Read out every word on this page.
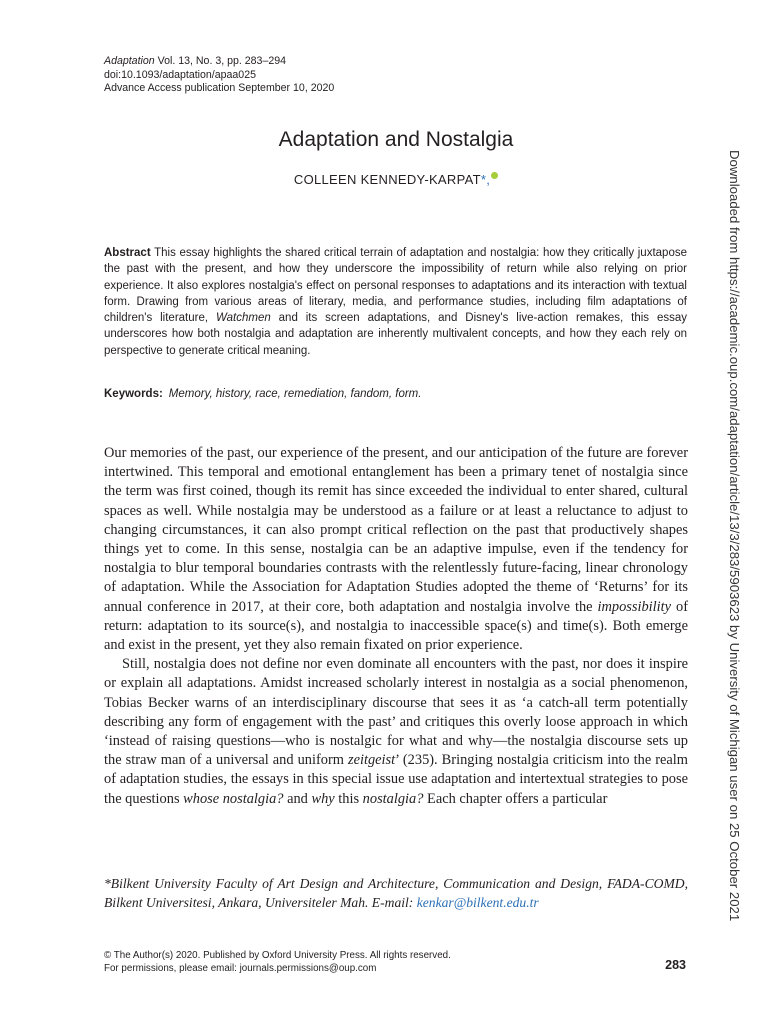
Adaptation Vol. 13, No. 3, pp. 283–294
doi:10.1093/adaptation/apaa025
Advance Access publication September 10, 2020
Adaptation and Nostalgia
COLLEEN KENNEDY-KARPAT*,
Abstract This essay highlights the shared critical terrain of adaptation and nostalgia: how they critically juxtapose the past with the present, and how they underscore the impossibility of return while also relying on prior experience. It also explores nostalgia's effect on personal responses to adaptations and its interaction with textual form. Drawing from various areas of literary, media, and performance studies, including film adaptations of children's literature, Watchmen and its screen adaptations, and Disney's live-action remakes, this essay underscores how both nostalgia and adaptation are inherently multivalent concepts, and how they each rely on perspective to generate critical meaning.
Keywords: Memory, history, race, remediation, fandom, form.

Our memories of the past, our experience of the present, and our anticipation of the future are forever intertwined. This temporal and emotional entanglement has been a primary tenet of nostalgia since the term was first coined, though its remit has since exceeded the individual to enter shared, cultural spaces as well. While nostalgia may be understood as a failure or at least a reluctance to adjust to changing circumstances, it can also prompt critical reflection on the past that productively shapes things yet to come. In this sense, nostalgia can be an adaptive impulse, even if the tendency for nostalgia to blur temporal boundaries contrasts with the relentlessly future-facing, linear chronology of adaptation. While the Association for Adaptation Studies adopted the theme of ‘Returns’ for its annual conference in 2017, at their core, both adaptation and nostalgia involve the impossibility of return: adaptation to its source(s), and nostalgia to inaccessible space(s) and time(s). Both emerge and exist in the present, yet they also remain fixated on prior experience.

Still, nostalgia does not define nor even dominate all encounters with the past, nor does it inspire or explain all adaptations. Amidst increased scholarly interest in nostalgia as a social phenomenon, Tobias Becker warns of an interdisciplinary discourse that sees it as ‘a catch-all term potentially describing any form of engagement with the past’ and critiques this overly loose approach in which ‘instead of raising questions—who is nostalgic for what and why—the nostalgia discourse sets up the straw man of a universal and uniform zeitgeist’ (235). Bringing nostalgia criticism into the realm of adaptation studies, the essays in this special issue use adaptation and intertextual strategies to pose the questions whose nostalgia? and why this nostalgia? Each chapter offers a particular

*Bilkent University Faculty of Art Design and Architecture, Communication and Design, FADA-COMD, Bilkent Universitesi, Ankara, Universiteler Mah. E-mail: kenkar@bilkent.edu.tr
© The Author(s) 2020. Published by Oxford University Press. All rights reserved.
For permissions, please email: journals.permissions@oup.com	283
Downloaded from https://academic.oup.com/adaptation/article/13/3/283/5903623 by University of Michigan user on 25 October 2021
